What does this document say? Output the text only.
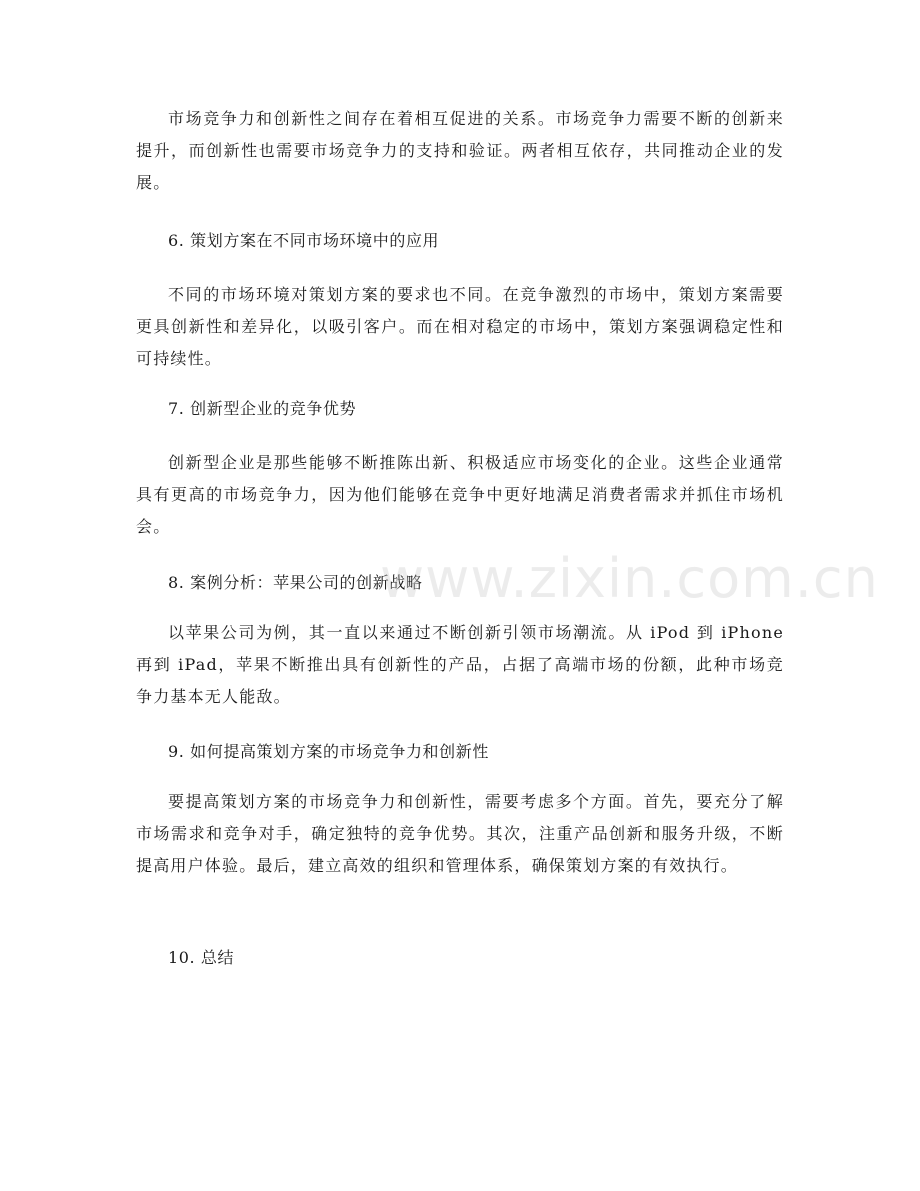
市场竞争力和创新性之间存在着相互促进的关系。市场竞争力需要不断的创新来提升，而创新性也需要市场竞争力的支持和验证。两者相互依存，共同推动企业的发展。

6. 策划方案在不同市场环境中的应用

不同的市场环境对策划方案的要求也不同。在竞争激烈的市场中，策划方案需要更具创新性和差异化，以吸引客户。而在相对稳定的市场中，策划方案强调稳定性和可持续性。

7. 创新型企业的竞争优势

创新型企业是那些能够不断推陈出新、积极适应市场变化的企业。这些企业通常具有更高的市场竞争力，因为他们能够在竞争中更好地满足消费者需求并抓住市场机会。

8. 案例分析：苹果公司的创新战略

以苹果公司为例，其一直以来通过不断创新引领市场潮流。从 iPod 到 iPhone 再到 iPad，苹果不断推出具有创新性的产品，占据了高端市场的份额，此种市场竞争力基本无人能敌。

9. 如何提高策划方案的市场竞争力和创新性

要提高策划方案的市场竞争力和创新性，需要考虑多个方面。首先，要充分了解市场需求和竞争对手，确定独特的竞争优势。其次，注重产品创新和服务升级，不断提高用户体验。最后，建立高效的组织和管理体系，确保策划方案的有效执行。

10. 总结

www.zixin.com.cn
